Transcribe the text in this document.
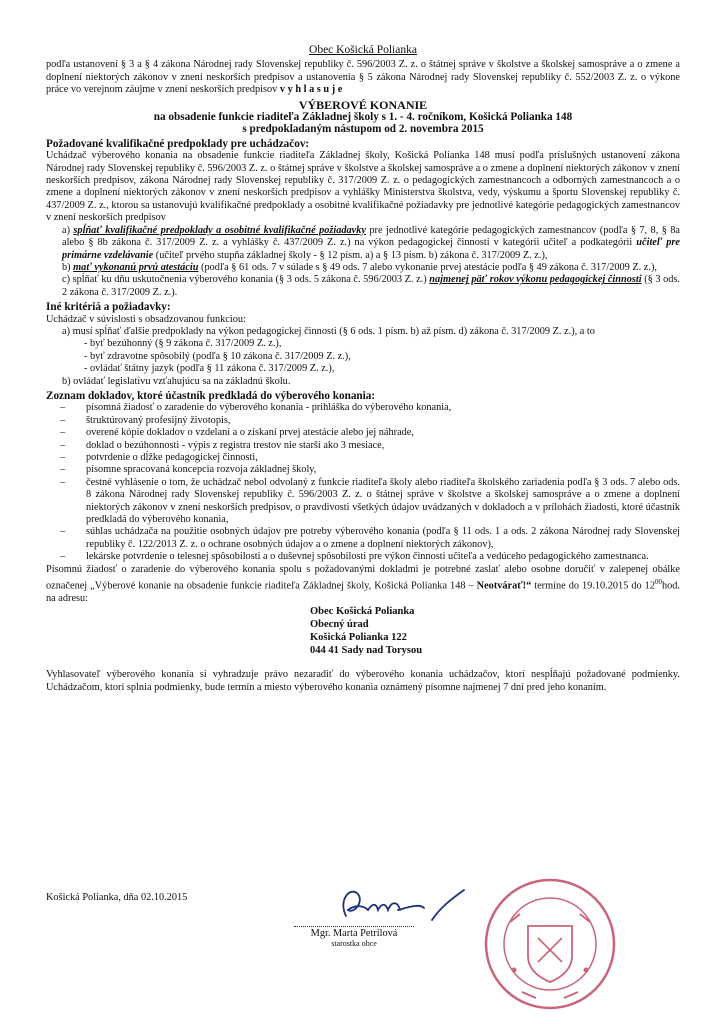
Obec Košická Polianka
podľa ustanovení § 3 a § 4 zákona Národnej rady Slovenskej republiky č. 596/2003 Z. z. o štátnej správe v školstve a školskej samospráve a o zmene a doplnení niektorých zákonov v znení neskorších predpisov a ustanovenia § 5 zákona Národnej rady Slovenskej republiky č. 552/2003 Z. z. o výkone práce vo verejnom záujme v znení neskorších predpisov v y h l a s u j e
VÝBEROVÉ KONANIE
na obsadenie funkcie riaditeľa Základnej školy s 1. - 4. ročníkom, Košická Polianka 148
s predpokladaným nástupom od 2. novembra 2015
Požadované kvalifikačné predpoklady pre uchádzačov:
Uchádzač výberového konania na obsadenie funkcie riaditeľa Základnej školy, Košická Polianka 148 musí podľa príslušných ustanovení zákona Národnej rady Slovenskej republiky č. 596/2003 Z. z. o štátnej správe v školstve a školskej samospráve a o zmene a doplnení niektorých zákonov v znení neskorších predpisov, zákona Národnej rady Slovenskej republiky č. 317/2009 Z. z. o pedagogických zamestnancoch a odborných zamestnancoch a o zmene a doplnení niektorých zákonov v znení neskorších predpisov a vyhlášky Ministerstva školstva, vedy, výskumu a športu Slovenskej republiky č. 437/2009 Z. z., ktorou sa ustanovujú kvalifikačné predpoklady a osobitné kvalifikačné požiadavky pre jednotlivé kategórie pedagogických zamestnancov v znení neskorších predpisov
a) spĺňať kvalifikačné predpoklady a osobitné kvalifikačné požiadavky pre jednotlivé kategórie pedagogických zamestnancov (podľa § 7, 8, § 8a alebo § 8b zákona č. 317/2009 Z. z. a vyhlášky č. 437/2009 Z. z.) na výkon pedagogickej činnosti v kategórii učiteľ a podkategórii učiteľ pre primárne vzdelávanie (učiteľ prvého stupňa základnej školy - § 12 písm. a) a § 13 písm. b) zákona č. 317/2009 Z. z.),
b) mať vykonanú prvú atestáciu (podľa § 61 ods. 7 v súlade s § 49 ods. 7 alebo vykonanie prvej atestácie podľa § 49 zákona č. 317/2009 Z. z.),
c) spĺňať ku dňu uskutočnenia výberového konania (§ 3 ods. 5 zákona č. 596/2003 Z. z.) najmenej päť rokov výkonu pedagogickej činnosti (§ 3 ods. 2 zákona č. 317/2009 Z. z.).
Iné kritériá a požiadavky:
Uchádzač v súvislosti s obsadzovanou funkciou:
a) musí spĺňať ďalšie predpoklady na výkon pedagogickej činnosti (§ 6 ods. 1 písm. b) až písm. d) zákona č. 317/2009 Z. z.), a to
- byť bezúhonný (§ 9 zákona č. 317/2009 Z. z.),
- byť zdravotne spôsobilý (podľa § 10 zákona č. 317/2009 Z. z.),
- ovládať štátny jazyk (podľa § 11 zákona č. 317/2009 Z. z.),
b) ovládať legislatívu vzťahujúcu sa na základnú školu.
Zoznam dokladov, ktoré účastník predkladá do výberového konania:
–	písomná žiadosť o zaradenie do výberového konania - prihláška do výberového konania,
–	štruktúrovaný profesijný životopis,
–	overené kópie dokladov o vzdelaní a o získaní prvej atestácie alebo jej náhrade,
–	doklad o bezúhonnosti - výpis z registra trestov nie starší ako 3 mesiace,
–	potvrdenie o dĺžke pedagogickej činnosti,
–	písomne spracovaná koncepcia rozvoja základnej školy,
–	čestné vyhlásenie o tom, že uchádzač nebol odvolaný z funkcie riaditeľa školy alebo riaditeľa školského zariadenia podľa § 3 ods. 7 alebo ods. 8 zákona Národnej rady Slovenskej republiky č. 596/2003 Z. z. o štátnej správe v školstve a školskej samospráve a o zmene a doplnení niektorých zákonov v znení neskorších predpisov, o pravdivosti všetkých údajov uvádzaných v dokladoch a v prílohách žiadosti, ktoré účastník predkladá do výberového konania,
–	súhlas uchádzača na použitie osobných údajov pre potreby výberového konania (podľa § 11 ods. 1 a ods. 2 zákona Národnej rady Slovenskej republiky č. 122/2013 Z. z. o ochrane osobných údajov a o zmene a doplnení niektorých zákonov),
–	lekárske potvrdenie o telesnej spôsobilosti a o duševnej spôsobilosti pre výkon činnosti učiteľa a vedúceho pedagogického zamestnanca.
Písomnú žiadosť o zaradenie do výberového konania spolu s požadovanými dokladmi je potrebné zaslať alebo osobne doručiť v zalepenej obálke označenej „Výberové konanie na obsadenie funkcie riaditeľa Základnej školy, Košická Polianka 148 – Neotvárať!“ termíne do 19.10.2015 do $12^{00}hod$. na adresu:
Obec Košická Polianka
Obecný úrad
Košická Polianka 122
044 41 Sady nad Torysou
Vyhlasovateľ výberového konania si vyhradzuje právo nezaradiť do výberového konania uchádzačov, ktorí nespĺňajú požadované podmienky. Uchádzačom, ktorí splnia podmienky, bude termín a miesto výberového konania oznámený písomne najmenej 7 dní pred jeho konaním.
Košická Polianka, dňa 02.10.2015
Mgr. Marta Petrilová
starostka obce
